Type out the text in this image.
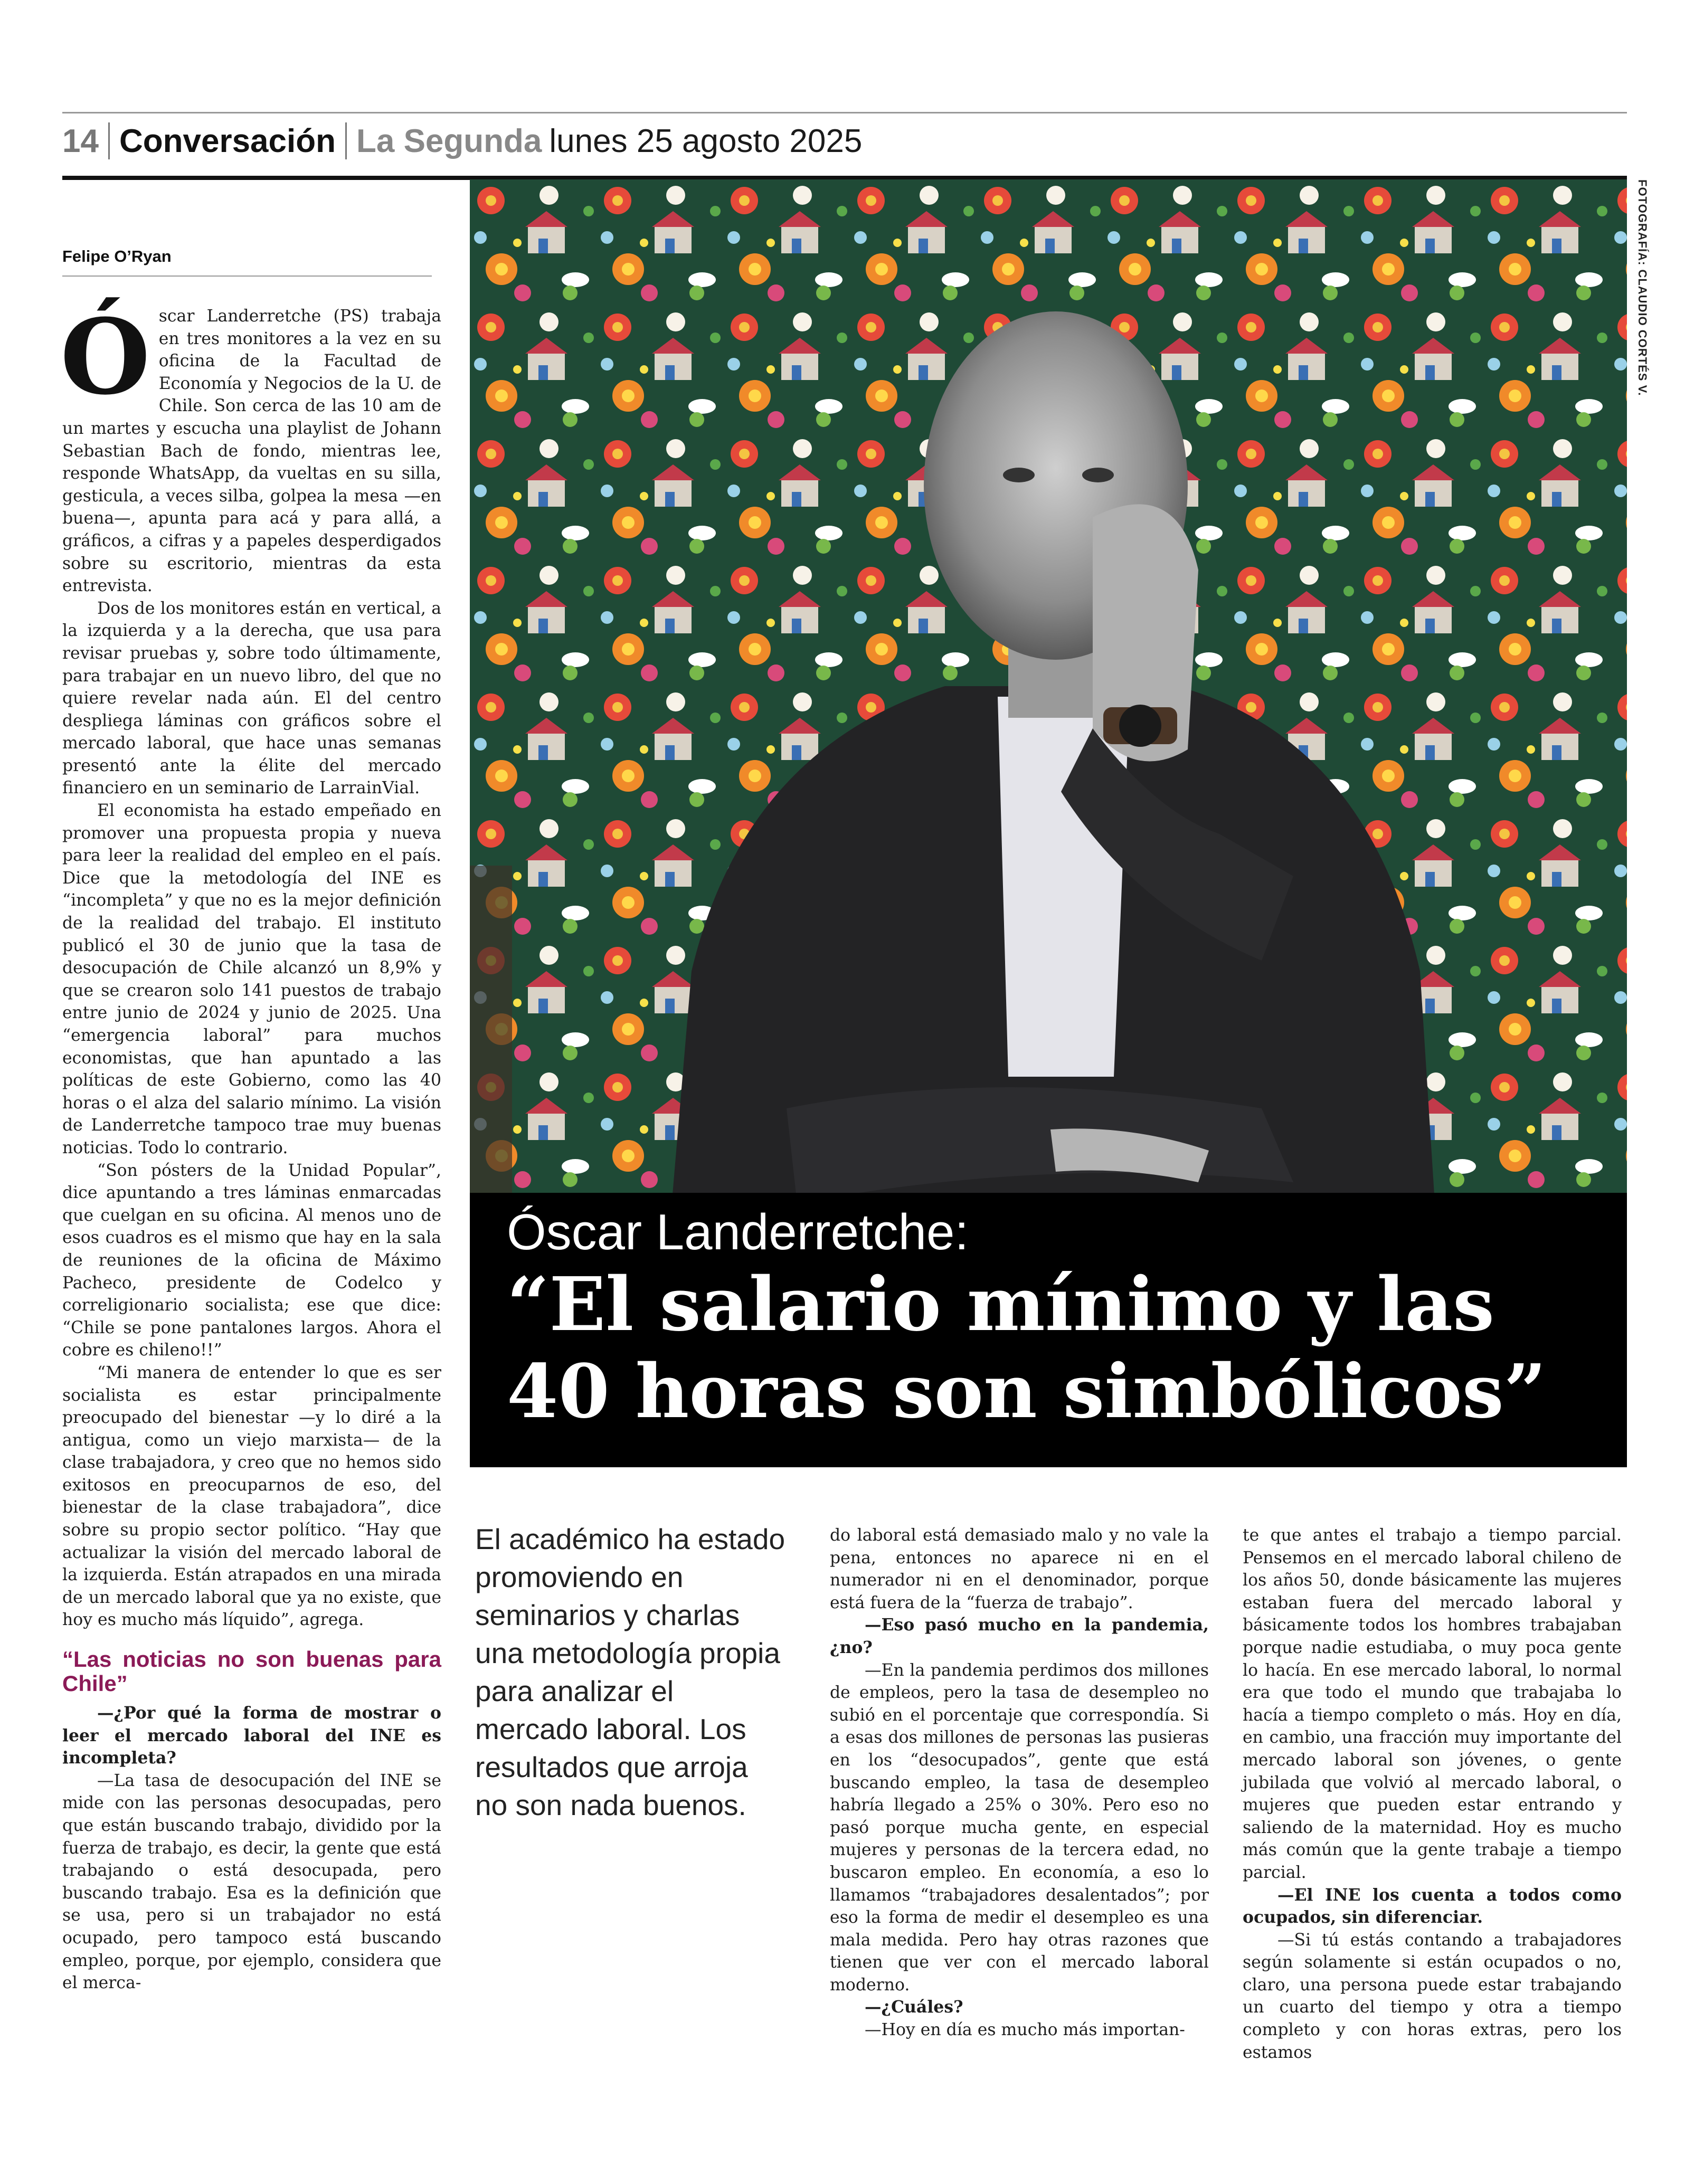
14 Conversación La Segunda lunes 25 agosto 2025
Felipe O’Ryan	FOTOGRAFÍA: CLAUDIO CORTÉS V.
Óscar Landerretche:
“El salario mínimo y las 40 horas son simbólicos”
Ó scar Landerretche (PS) trabaja en tres monitores a la vez en su oficina de la Facultad de Economía y Negocios de la U. de Chile. Son cerca de las 10 am de un martes y escucha una playlist de Johann Sebastian Bach de fondo, mientras lee, responde WhatsApp, da vueltas en su silla, gesticula, a veces silba, golpea la mesa —en buena—, apunta para acá y para allá, a gráficos, a cifras y a papeles desperdigados sobre su escritorio, mientras da esta entrevista.

Dos de los monitores están en vertical, a la izquierda y a la derecha, que usa para revisar pruebas y, sobre todo últimamente, para trabajar en un nuevo libro, del que no quiere revelar nada aún. El del centro despliega láminas con gráficos sobre el mercado laboral, que hace unas semanas presentó ante la élite del mercado financiero en un seminario de LarrainVial.

El economista ha estado empeñado en promover una propuesta propia y nueva para leer la realidad del empleo en el país. Dice que la metodología del INE es “incompleta” y que no es la mejor definición de la realidad del trabajo. El instituto publicó el 30 de junio que la tasa de desocupación de Chile alcanzó un 8,9% y que se crearon solo 141 puestos de trabajo entre junio de 2024 y junio de 2025. Una “emergencia laboral” para muchos economistas, que han apuntado a las políticas de este Gobierno, como las 40 horas o el alza del salario mínimo. La visión de Landerretche tampoco trae muy buenas noticias. Todo lo contrario.

“Son pósters de la Unidad Popular”, dice apuntando a tres láminas enmarcadas que cuelgan en su oficina. Al menos uno de esos cuadros es el mismo que hay en la sala de reuniones de la oficina de Máximo Pacheco, presidente de Codelco y correligionario socialista; ese que dice: “Chile se pone pantalones largos. Ahora el cobre es chileno!!”

“Mi manera de entender lo que es ser socialista es estar principalmente preocupado del bienestar —y lo diré a la antigua, como un viejo marxista— de la clase trabajadora, y creo que no hemos sido exitosos en preocuparnos de eso, del bienestar de la clase trabajadora”, dice sobre su propio sector político. “Hay que actualizar la visión del mercado laboral de la izquierda. Están atrapados en una mirada de un mercado laboral que ya no existe, que hoy es mucho más líquido”, agrega.

“Las noticias no son buenas para Chile”

—¿Por qué la forma de mostrar o leer el mercado laboral del INE es incompleta?

—La tasa de desocupación del INE se mide con las personas desocupadas, pero que están buscando trabajo, dividido por la fuerza de trabajo, es decir, la gente que está trabajando o está desocupada, pero buscando trabajo. Esa es la definición que se usa, pero si un trabajador no está ocupado, pero tampoco está buscando empleo, porque, por ejemplo, considera que el merca-

El académico ha estado promoviendo en seminarios y charlas una metodología propia para analizar el mercado laboral. Los resultados que arroja no son nada buenos.

do laboral está demasiado malo y no vale la pena, entonces no aparece ni en el numerador ni en el denominador, porque está fuera de la “fuerza de trabajo”.

—Eso pasó mucho en la pandemia, ¿no?

—En la pandemia perdimos dos millones de empleos, pero la tasa de desempleo no subió en el porcentaje que correspondía. Si a esas dos millones de personas las pusieras en los “desocupados”, gente que está buscando empleo, la tasa de desempleo habría llegado a 25% o 30%. Pero eso no pasó porque mucha gente, en especial mujeres y personas de la tercera edad, no buscaron empleo. En economía, a eso lo llamamos “trabajadores desalentados”; por eso la forma de medir el desempleo es una mala medida. Pero hay otras razones que tienen que ver con el mercado laboral moderno.

—¿Cuáles?

—Hoy en día es mucho más importan-

te que antes el trabajo a tiempo parcial. Pensemos en el mercado laboral chileno de los años 50, donde básicamente las mujeres estaban fuera del mercado laboral y básicamente todos los hombres trabajaban porque nadie estudiaba, o muy poca gente lo hacía. En ese mercado laboral, lo normal era que todo el mundo que trabajaba lo hacía a tiempo completo o más. Hoy en día, en cambio, una fracción muy importante del mercado laboral son jóvenes, o gente jubilada que volvió al mercado laboral, o mujeres que pueden estar entrando y saliendo de la maternidad. Hoy es mucho más común que la gente trabaje a tiempo parcial.

—El INE los cuenta a todos como ocupados, sin diferenciar.

—Si tú estás contando a trabajadores según solamente si están ocupados o no, claro, una persona puede estar trabajando un cuarto del tiempo y otra a tiempo completo y con horas extras, pero los estamos
